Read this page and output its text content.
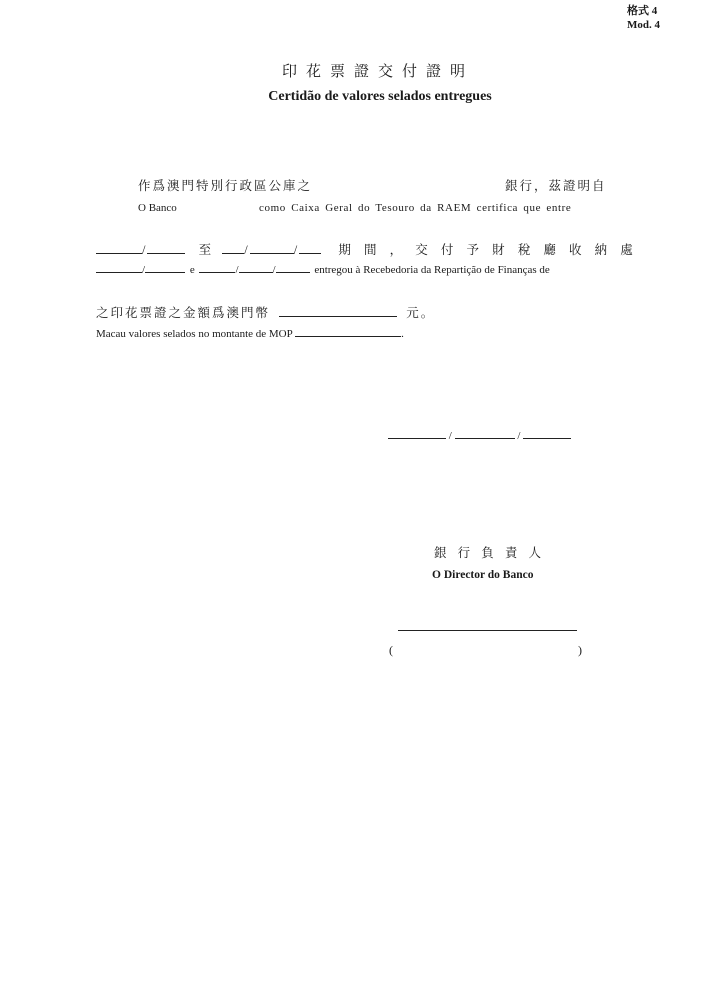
格式 4
Mod. 4
印花票證交付證明
Certidão de valores selados entregues
作爲澳門特別行政區公庫之	銀行，茲證明自
O Banco	como Caixa Geral do Tesouro da RAEM certifica que entre
/	至 /	/	期 間 ， 交 付 予 財 稅 廳 收 納 處
/	e	/	/	entregou à Recebedoria da Repartição de Finanças de
之印花票證之金額爲澳門幣	元。
Macau valores selados no montante de MOP	.
/	/
銀 行 負 責 人
O Director do Banco
(	)
